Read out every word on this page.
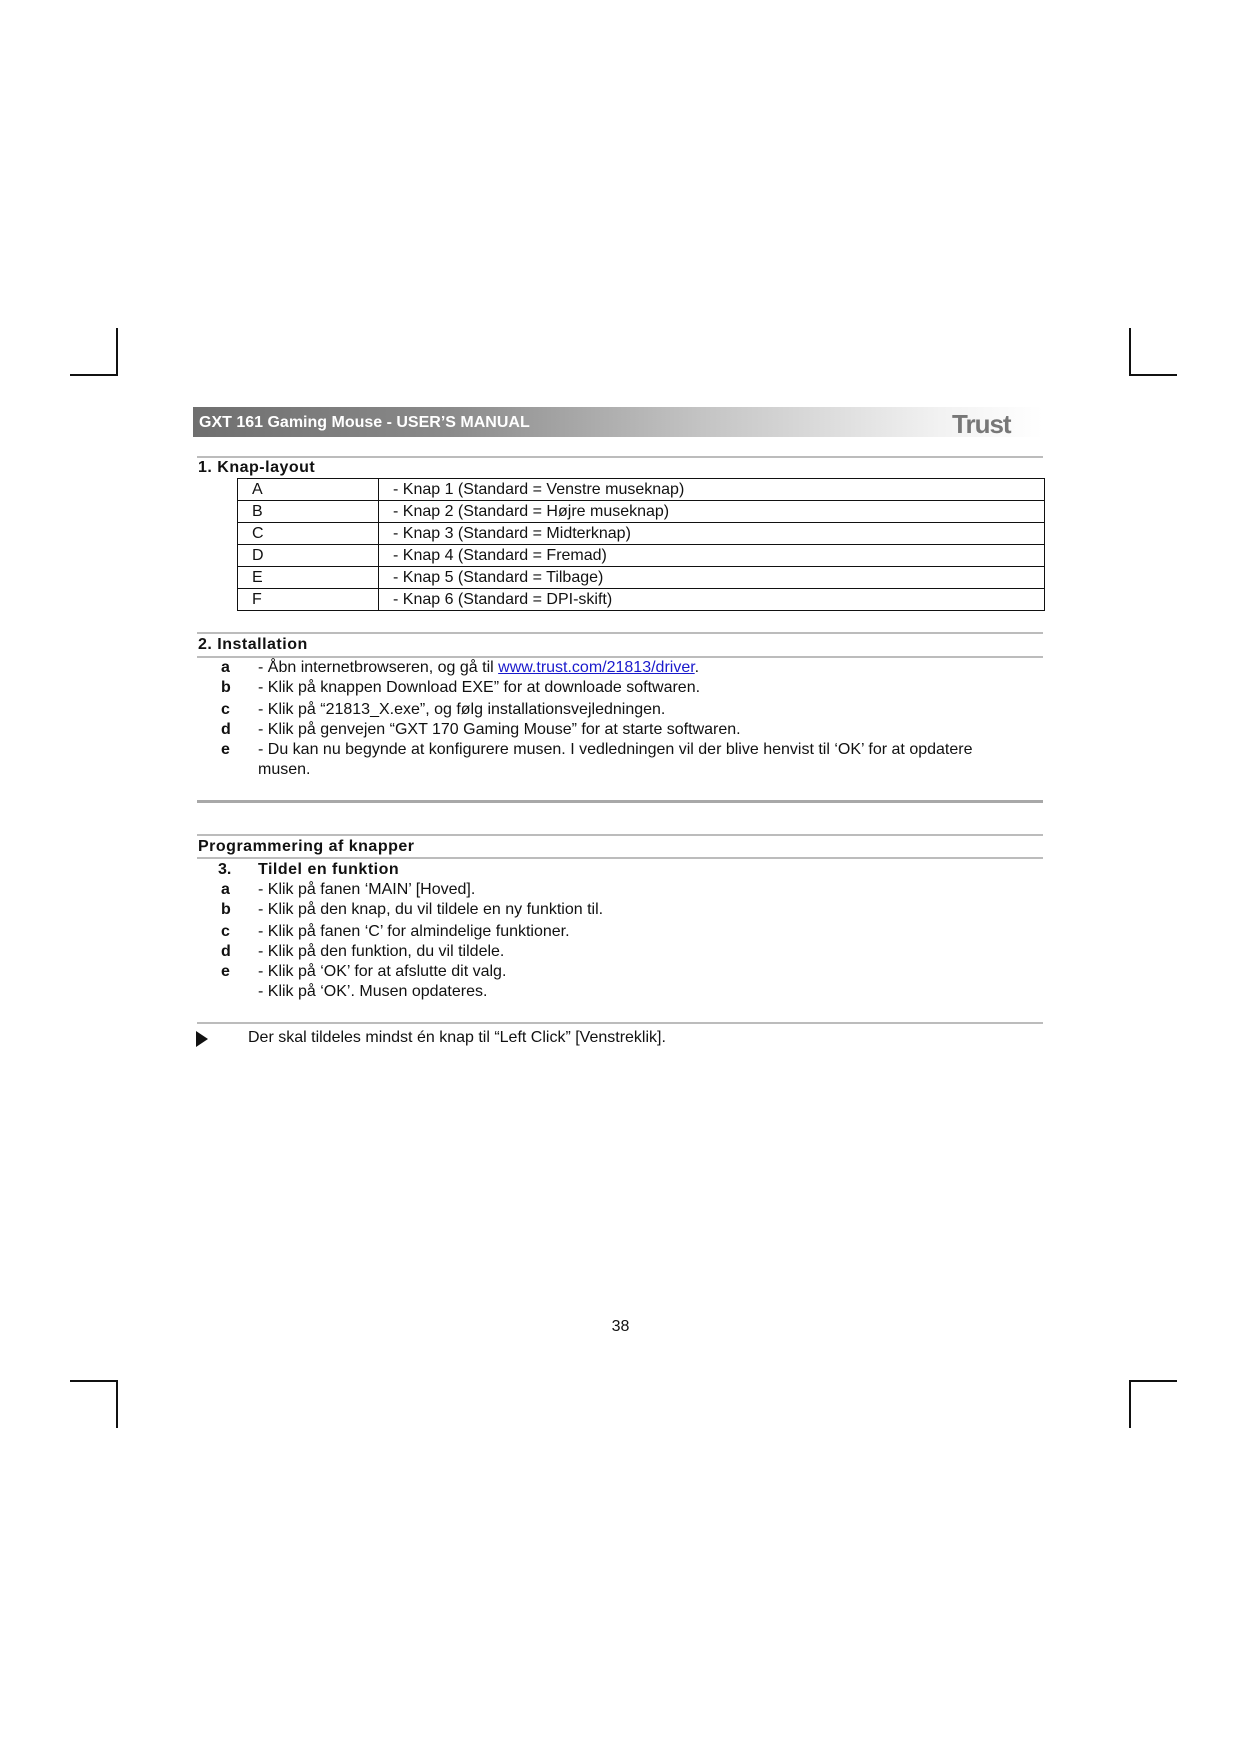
GXT 161 Gaming Mouse - USER’S MANUAL	Trust
1. Knap-layout
A	- Knap 1 (Standard = Venstre museknap)
B	- Knap 2 (Standard = Højre museknap)
C	- Knap 3 (Standard = Midterknap)
D	- Knap 4 (Standard = Fremad)
E	- Knap 5 (Standard = Tilbage)
F	- Knap 6 (Standard = DPI-skift)
2. Installation
a - Åbn internetbrowseren, og gå til www.trust.com/21813/driver.
b - Klik på knappen Download EXE” for at downloade softwaren.
c - Klik på “21813_X.exe”, og følg installationsvejledningen.
d - Klik på genvejen “GXT 170 Gaming Mouse” for at starte softwaren.
e - Du kan nu begynde at konfigurere musen. I vedledningen vil der blive henvist til ‘OK’ for at opdatere
musen.
Programmering af knapper
3. Tildel en funktion
a - Klik på fanen ‘MAIN’ [Hoved].
b - Klik på den knap, du vil tildele en ny funktion til.
c - Klik på fanen ‘C’ for almindelige funktioner.
d - Klik på den funktion, du vil tildele.
e - Klik på ‘OK’ for at afslutte dit valg.
- Klik på ‘OK’. Musen opdateres.
Der skal tildeles mindst én knap til “Left Click” [Venstreklik].
38
